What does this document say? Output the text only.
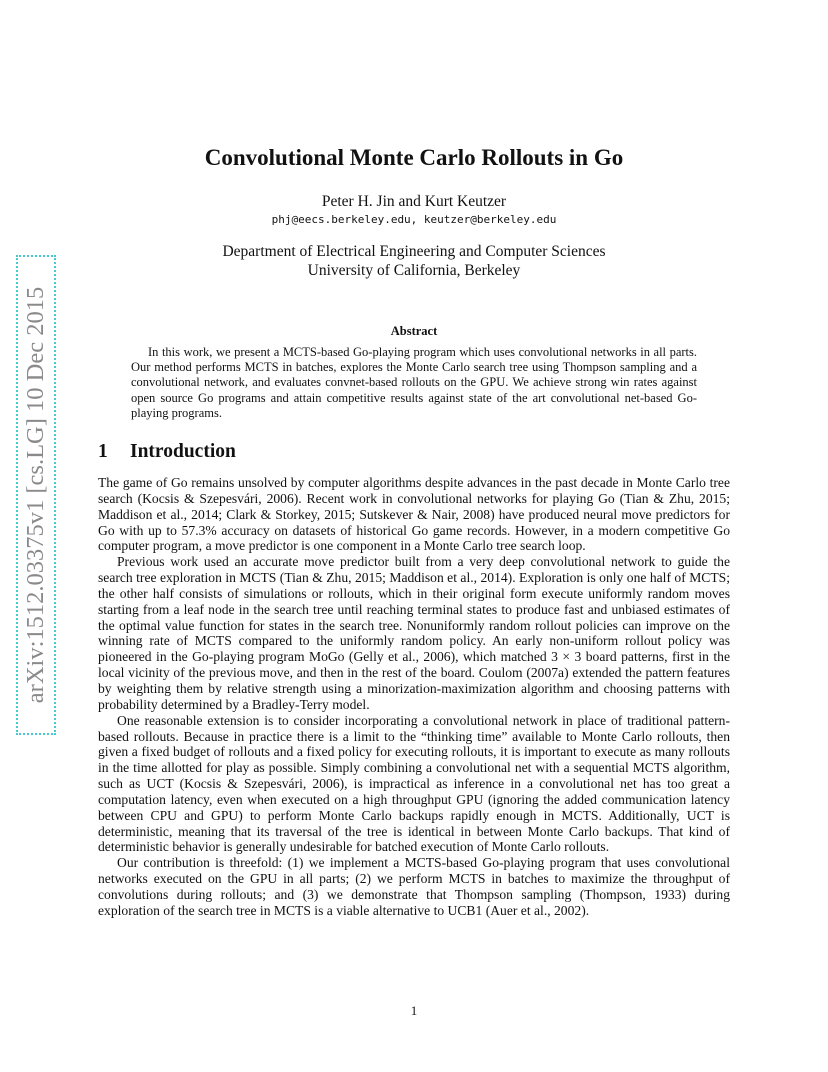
arXiv:1512.03375v1 [cs.LG] 10 Dec 2015
Convolutional Monte Carlo Rollouts in Go
Peter H. Jin and Kurt Keutzer
phj@eecs.berkeley.edu, keutzer@berkeley.edu
Department of Electrical Engineering and Computer Sciences
University of California, Berkeley
Abstract
In this work, we present a MCTS-based Go-playing program which uses convolutional networks in all parts. Our method performs MCTS in batches, explores the Monte Carlo search tree using Thompson sampling and a convolutional network, and evaluates convnet-based rollouts on the GPU. We achieve strong win rates against open source Go programs and attain competitive results against state of the art convolutional net-based Go-playing programs.
1 Introduction

The game of Go remains unsolved by computer algorithms despite advances in the past decade in Monte Carlo tree search (Kocsis & Szepesvári, 2006). Recent work in convolutional networks for playing Go (Tian & Zhu, 2015; Maddison et al., 2014; Clark & Storkey, 2015; Sutskever & Nair, 2008) have produced neural move predictors for Go with up to 57.3% accuracy on datasets of historical Go game records. However, in a modern competitive Go computer program, a move predictor is one component in a Monte Carlo tree search loop.

Previous work used an accurate move predictor built from a very deep convolutional network to guide the search tree exploration in MCTS (Tian & Zhu, 2015; Maddison et al., 2014). Exploration is only one half of MCTS; the other half consists of simulations or rollouts, which in their original form execute uniformly random moves starting from a leaf node in the search tree until reaching terminal states to produce fast and unbiased estimates of the optimal value function for states in the search tree. Nonuniformly random rollout policies can improve on the winning rate of MCTS compared to the uniformly random policy. An early non-uniform rollout policy was pioneered in the Go-playing program MoGo (Gelly et al., 2006), which matched 3 × 3 board patterns, first in the local vicinity of the previous move, and then in the rest of the board. Coulom (2007a) extended the pattern features by weighting them by relative strength using a minorization-maximization algorithm and choosing patterns with probability determined by a Bradley-Terry model.

One reasonable extension is to consider incorporating a convolutional network in place of traditional pattern-based rollouts. Because in practice there is a limit to the “thinking time” available to Monte Carlo rollouts, then given a fixed budget of rollouts and a fixed policy for executing rollouts, it is important to execute as many rollouts in the time allotted for play as possible. Simply combining a convolutional net with a sequential MCTS algorithm, such as UCT (Kocsis & Szepesvári, 2006), is impractical as inference in a convolutional net has too great a computation latency, even when executed on a high throughput GPU (ignoring the added communication latency between CPU and GPU) to perform Monte Carlo backups rapidly enough in MCTS. Additionally, UCT is deterministic, meaning that its traversal of the tree is identical in between Monte Carlo backups. That kind of deterministic behavior is generally undesirable for batched execution of Monte Carlo rollouts.

Our contribution is threefold: (1) we implement a MCTS-based Go-playing program that uses convolutional networks executed on the GPU in all parts; (2) we perform MCTS in batches to maximize the throughput of convolutions during rollouts; and (3) we demonstrate that Thompson sampling (Thompson, 1933) during exploration of the search tree in MCTS is a viable alternative to UCB1 (Auer et al., 2002).

1
